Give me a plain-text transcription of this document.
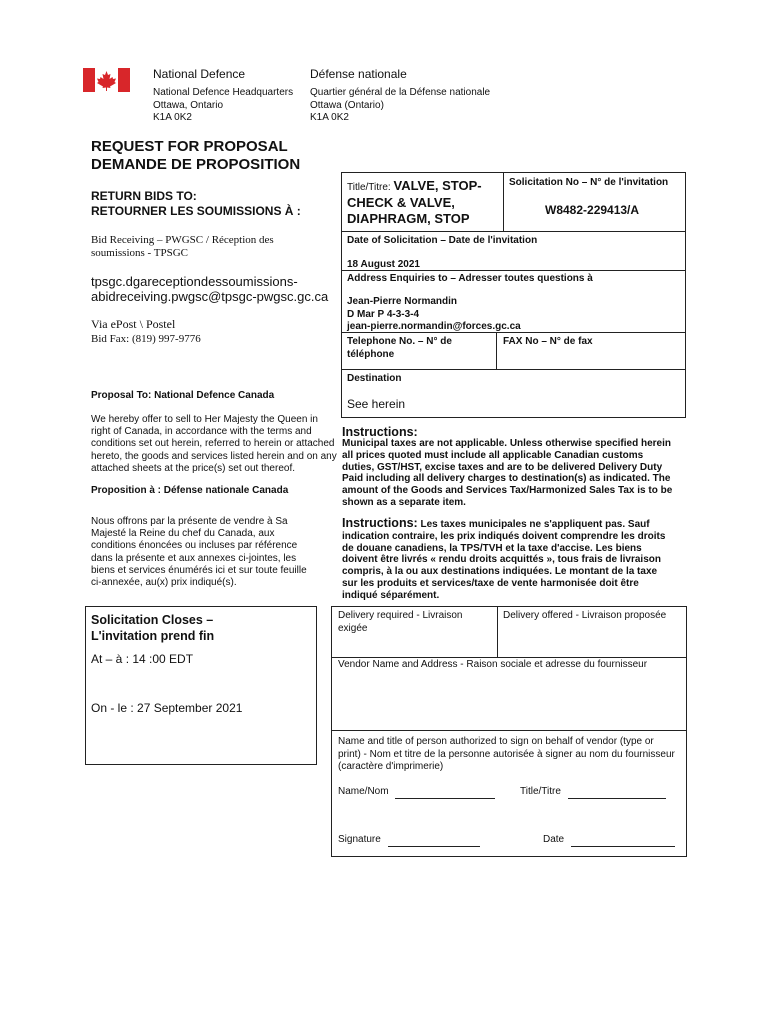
National Defence	Défense nationale
National Defence Headquarters
Ottawa, Ontario
K1A 0K2
Quartier général de la Défense nationale
Ottawa (Ontario)
K1A 0K2
REQUEST FOR PROPOSAL
DEMANDE DE PROPOSITION
RETURN BIDS TO:
RETOURNER LES SOUMISSIONS À :
Bid Receiving – PWGSC / Réception des
soumissions - TPSGC
tpsgc.dgareceptiondessoumissions-
abidreceiving.pwgsc@tpsgc-pwgsc.gc.ca
Via ePost \ Postel
Bid Fax: (819) 997-9776
Proposal To: National Defence Canada
We hereby offer to sell to Her Majesty the Queen in
right of Canada, in accordance with the terms and
conditions set out herein, referred to herein or attached
hereto, the goods and services listed herein and on any
attached sheets at the price(s) set out thereof.
Proposition à : Défense nationale Canada
Nous offrons par la présente de vendre à Sa
Majesté la Reine du chef du Canada, aux
conditions énoncées ou incluses par référence
dans la présente et aux annexes ci-jointes, les
biens et services énumérés ici et sur toute feuille
ci-annexée, au(x) prix indiqué(s).
Solicitation Closes –
L'invitation prend fin
At – à : 14 :00 EDT
On - le : 27 September 2021
Title/Titre: VALVE, STOP-
CHECK & VALVE,
DIAPHRAGM, STOP
Solicitation No – N° de l'invitation
W8482-229413/A
Date of Solicitation – Date de l'invitation
18 August 2021
Address Enquiries to – Adresser toutes questions à
Jean-Pierre Normandin
D Mar P 4-3-3-4
jean-pierre.normandin@forces.gc.ca
Telephone No. – N° de
téléphone
FAX No – N° de fax
Destination
See herein
Instructions:
Municipal taxes are not applicable. Unless otherwise specified herein
all prices quoted must include all applicable Canadian customs
duties, GST/HST, excise taxes and are to be delivered Delivery Duty
Paid including all delivery charges to destination(s) as indicated. The
amount of the Goods and Services Tax/Harmonized Sales Tax is to be
shown as a separate item.
Instructions: Les taxes municipales ne s'appliquent pas. Sauf
indication contraire, les prix indiqués doivent comprendre les droits
de douane canadiens, la TPS/TVH et la taxe d'accise. Les biens
doivent être livrés « rendu droits acquittés », tous frais de livraison
compris, à la ou aux destinations indiquées. Le montant de la taxe
sur les produits et services/taxe de vente harmonisée doit être
indiqué séparément.
Delivery required - Livraison
exigée
Delivery offered - Livraison proposée
Vendor Name and Address - Raison sociale et adresse du fournisseur
Name and title of person authorized to sign on behalf of vendor (type or
print) - Nom et titre de la personne autorisée à signer au nom du fournisseur
(caractère d'imprimerie)
Name/Nom	Title/Titre
Signature	Date
